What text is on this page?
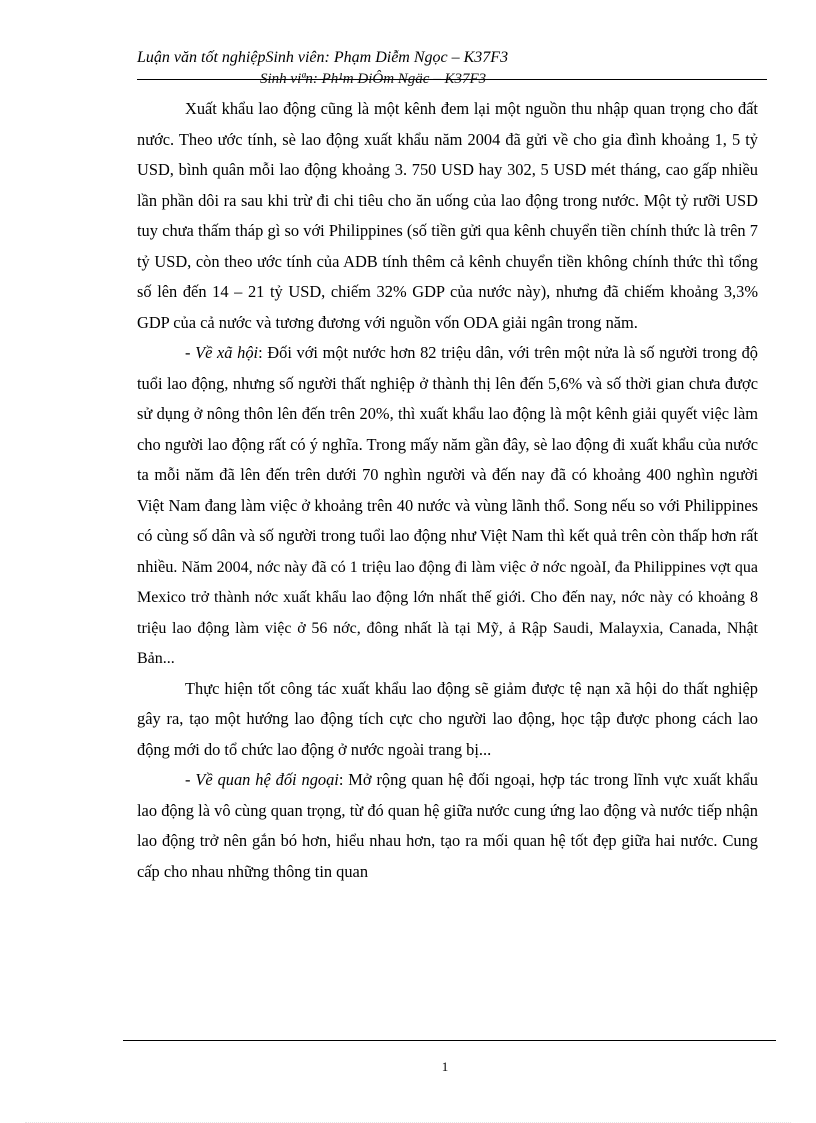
Luận văn tốt nghiệpSinh viên: Phạm Diễm Ngọc – K37F3
Sinh viªn: Ph¹m DiÔm Ngäc – K37F3

Xuất khẩu lao động cũng là một kênh đem lại một nguồn thu nhập quan trọng cho đất nước. Theo ước tính, sè lao động xuất khẩu năm 2004 đã gửi về cho gia đình khoảng 1, 5 tỷ USD, bình quân mỗi lao động khoảng 3. 750 USD hay 302, 5 USD mét tháng, cao gấp nhiều lần phần dôi ra sau khi trừ đi chi tiêu cho ăn uống của lao động trong nước. Một tỷ rưỡi USD tuy chưa thấm tháp gì so với Philippines (số tiền gửi qua kênh chuyển tiền chính thức là trên 7 tỷ USD, còn theo ước tính của ADB tính thêm cả kênh chuyển tiền không chính thức thì tổng số lên đến 14 – 21 tỷ USD, chiếm 32% GDP của nước này), nhưng đã chiếm khoảng 3,3% GDP của cả nước và tương đương với nguồn vốn ODA giải ngân trong năm.

- Về xã hội: Đối với một nước hơn 82 triệu dân, với trên một nửa là số người trong độ tuổi lao động, nhưng số người thất nghiệp ở thành thị lên đến 5,6% và số thời gian chưa được sử dụng ở nông thôn lên đến trên 20%, thì xuất khẩu lao động là một kênh giải quyết việc làm cho người lao động rất có ý nghĩa. Trong mấy năm gần đây, sè lao động đi xuất khẩu của nước ta mỗi năm đã lên đến trên dưới 70 nghìn người và đến nay đã có khoảng 400 nghìn người Việt Nam đang làm việc ở khoảng trên 40 nước và vùng lãnh thổ. Song nếu so với Philippines có cùng số dân và số người trong tuổi lao động như Việt Nam thì kết quả trên còn thấp hơn rất nhiều. Năm 2004, nớc này đã có 1 triệu lao động đi làm việc ở nớc ngoàI, đa Philippines vợt qua Mexico trở thành nớc xuất khẩu lao động lớn nhất thế giới. Cho đến nay, nớc này có khoảng 8 triệu lao động làm việc ở 56 nớc, đông nhất là tại Mỹ, ả Rập Saudi, Malayxia, Canada, Nhật Bản...

Thực hiện tốt công tác xuất khẩu lao động sẽ giảm được tệ nạn xã hội do thất nghiệp gây ra, tạo một hướng lao động tích cực cho người lao động, học tập được phong cách lao động mới do tổ chức lao động ở nước ngoài trang bị...

- Về quan hệ đối ngoại: Mở rộng quan hệ đối ngoại, hợp tác trong lĩnh vực xuất khẩu lao động là vô cùng quan trọng, từ đó quan hệ giữa nước cung ứng lao động và nước tiếp nhận lao động trở nên gắn bó hơn, hiểu nhau hơn, tạo ra mối quan hệ tốt đẹp giữa hai nước. Cung cấp cho nhau những thông tin quan

1
